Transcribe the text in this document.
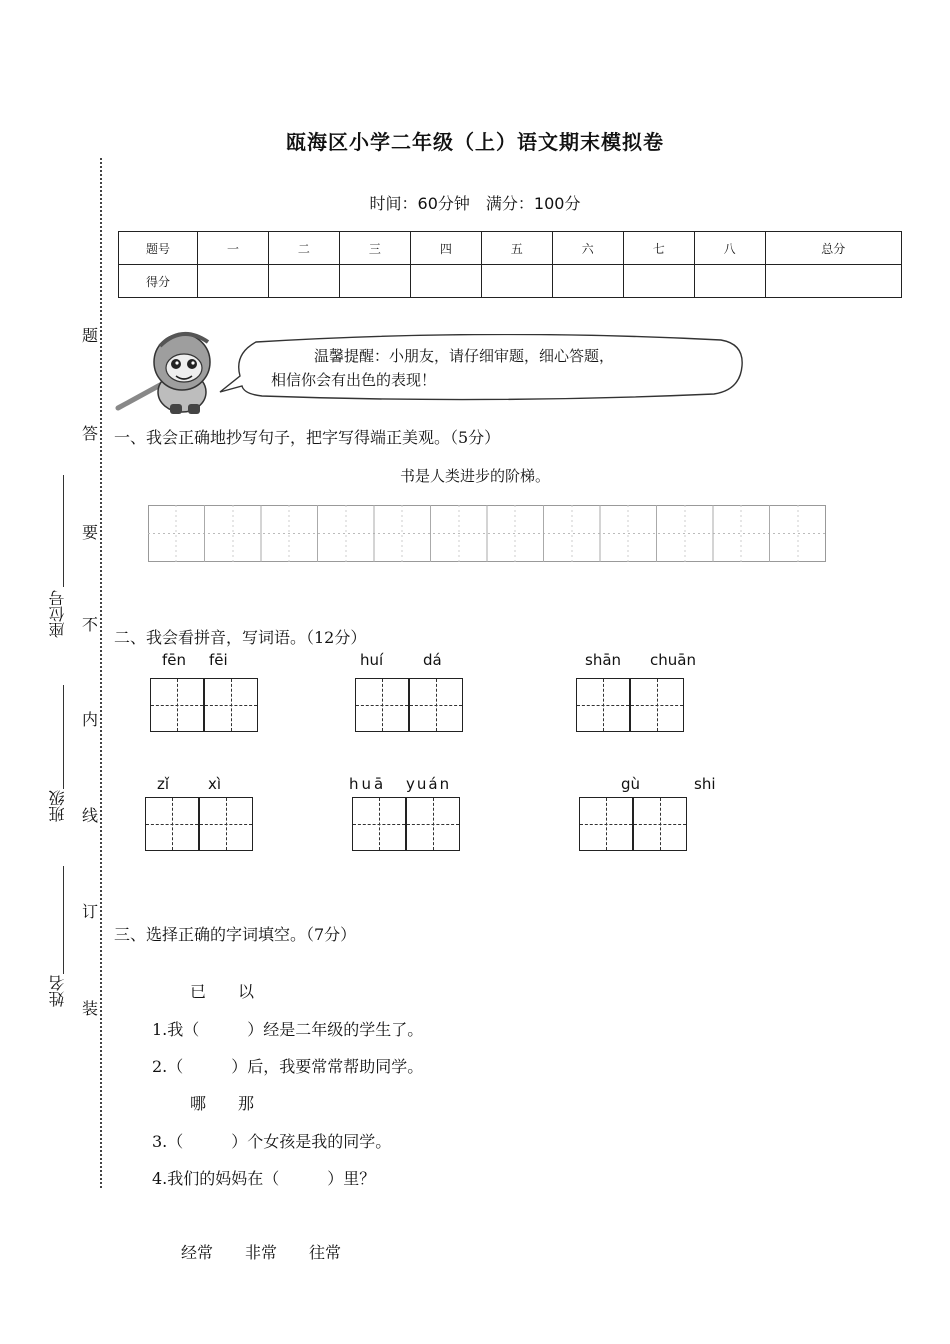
瓯海区小学二年级（上）语文期末模拟卷
时间：60分钟　满分：100分
题号	一	二	三	四	五	六	七	八	总分
得分									
题
答
要
不
内
线
订
装
座位号
班级
姓名
温馨提醒：小朋友，请仔细审题，细心答题，
相信你会有出色的表现！
一、我会正确地抄写句子，把字写得端正美观。（5分）
书是人类进步的阶梯。
二、我会看拼音，写词语。（12分）
fēn fēi	huí	dá	shān chuān
zǐ	xì	huā yuán	gù	shi
三、选择正确的字词填空。（7分）
已　　以
1.我（　　　）经是二年级的学生了。
2.（　　　）后，我要常常帮助同学。
哪　　那
3.（　　　）个女孩是我的同学。
4.我们的妈妈在（　　　）里？
经常　　非常　　往常
